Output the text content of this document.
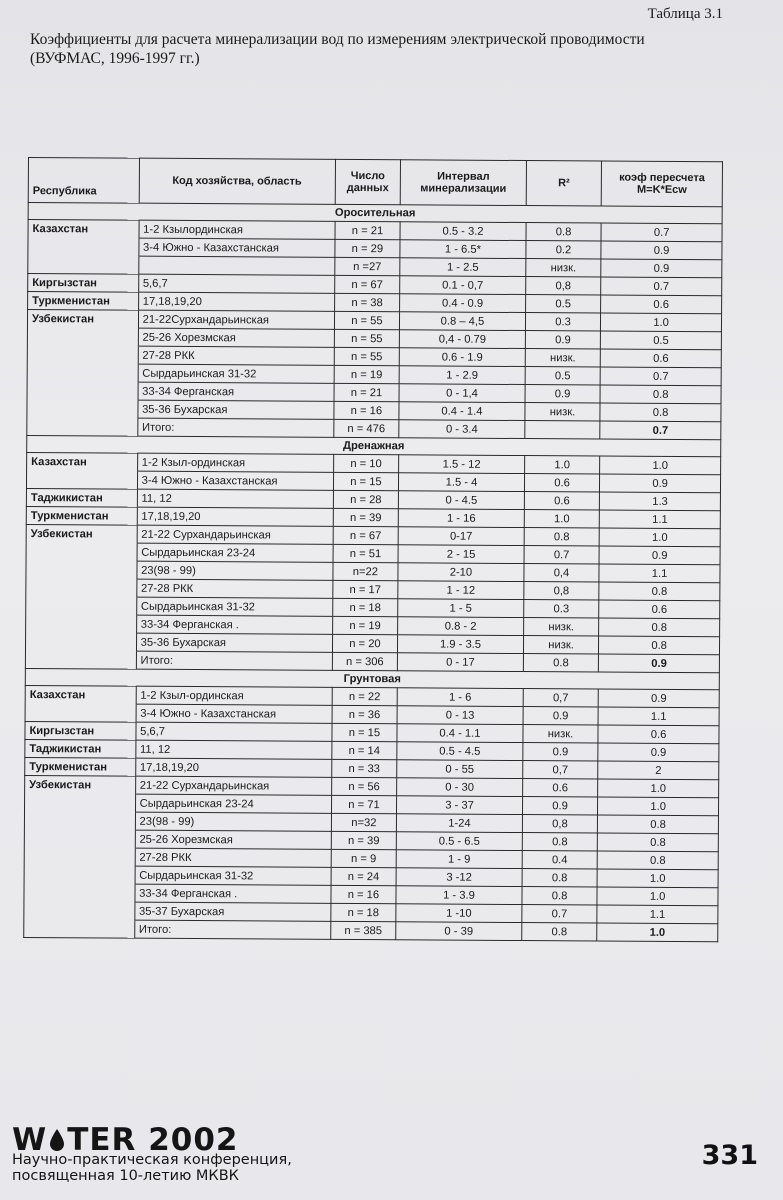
Таблица 3.1
Коэффициенты для расчета минерализации вод по измерениям электрической проводимости (ВУФМАС, 1996-1997 гг.)
Республика	Код хозяйства, область	Число данных	Интервал минерализации	R²	коэф пересчета M=K*Ecw
Оросительная					
Казахстан	1-2 Кзылординская	n = 21	0.5 - 3.2	0.8	0.7
	3-4 Южно - Казахстанская	n = 29	1 - 6.5*	0.2	0.9
		n =27	1 - 2.5	низк.	0.9
Киргызстан	5,6,7	n = 67	0.1 - 0,7	0,8	0.7
Туркменистан	17,18,19,20	n = 38	0.4 - 0.9	0.5	0.6
Узбекистан	21-22Сурхандарьинская	n = 55	0.8 – 4,5	0.3	1.0
	25-26 Хорезмская	n = 55	0,4 - 0.79	0.9	0.5
	27-28 РКК	n = 55	0.6 - 1.9	низк.	0.6
	Сырдарьинская 31-32	n = 19	1 - 2.9	0.5	0.7
	33-34 Ферганская	n = 21	0 - 1,4	0.9	0.8
	35-36 Бухарская	n = 16	0.4 - 1.4	низк.	0.8
	Итого:	n = 476	0 - 3.4		0.7
Дренажная					
Казахстан	1-2 Кзыл-ординская	n = 10	1.5 - 12	1.0	1.0
	3-4 Южно - Казахстанская	n = 15	1.5 - 4	0.6	0.9
Таджикистан	11, 12	n = 28	0 - 4.5	0.6	1.3
Туркменистан	17,18,19,20	n = 39	1 - 16	1.0	1.1
Узбекистан	21-22 Сурхандарьинская	n = 67	0-17	0.8	1.0
	Сырдарьинская 23-24	n = 51	2 - 15	0.7	0.9
	23(98 - 99)	n=22	2-10	0,4	1.1
	27-28 РКК	n = 17	1 - 12	0,8	0.8
	Сырдарьинская 31-32	n = 18	1 - 5	0.3	0.6
	33-34 Ферганская .	n = 19	0.8 - 2	низк.	0.8
	35-36 Бухарская	n = 20	1.9 - 3.5	низк.	0.8
	Итого:	n = 306	0 - 17	0.8	0.9
Грунтовая					
Казахстан	1-2 Кзыл-ординская	n = 22	1 - 6	0,7	0.9
	3-4 Южно - Казахстанская	n = 36	0 - 13	0.9	1.1
Киргызстан	5,6,7	n = 15	0.4 - 1.1	низк.	0.6
Таджикистан	11, 12	n = 14	0.5 - 4.5	0.9	0.9
Туркменистан	17,18,19,20	n = 33	0 - 55	0,7	2
Узбекистан	21-22 Сурхандарьинская	n = 56	0 - 30	0.6	1.0
	Сырдарьинская 23-24	n = 71	3 - 37	0.9	1.0
	23(98 - 99)	n=32	1-24	0,8	0.8
	25-26 Хорезмская	n = 39	0.5 - 6.5	0.8	0.8
	27-28 РКК	n = 9	1 - 9	0.4	0.8
	Сырдарьинская 31-32	n = 24	3 -12	0.8	1.0
	33-34 Ферганская .	n = 16	1 - 3.9	0.8	1.0
	35-37 Бухарская	n = 18	1 -10	0.7	1.1
	Итого:	n = 385	0 - 39	0.8	1.0
W TER 2002
Научно-практическая конференция,
посвященная 10-летию МКВК
331
